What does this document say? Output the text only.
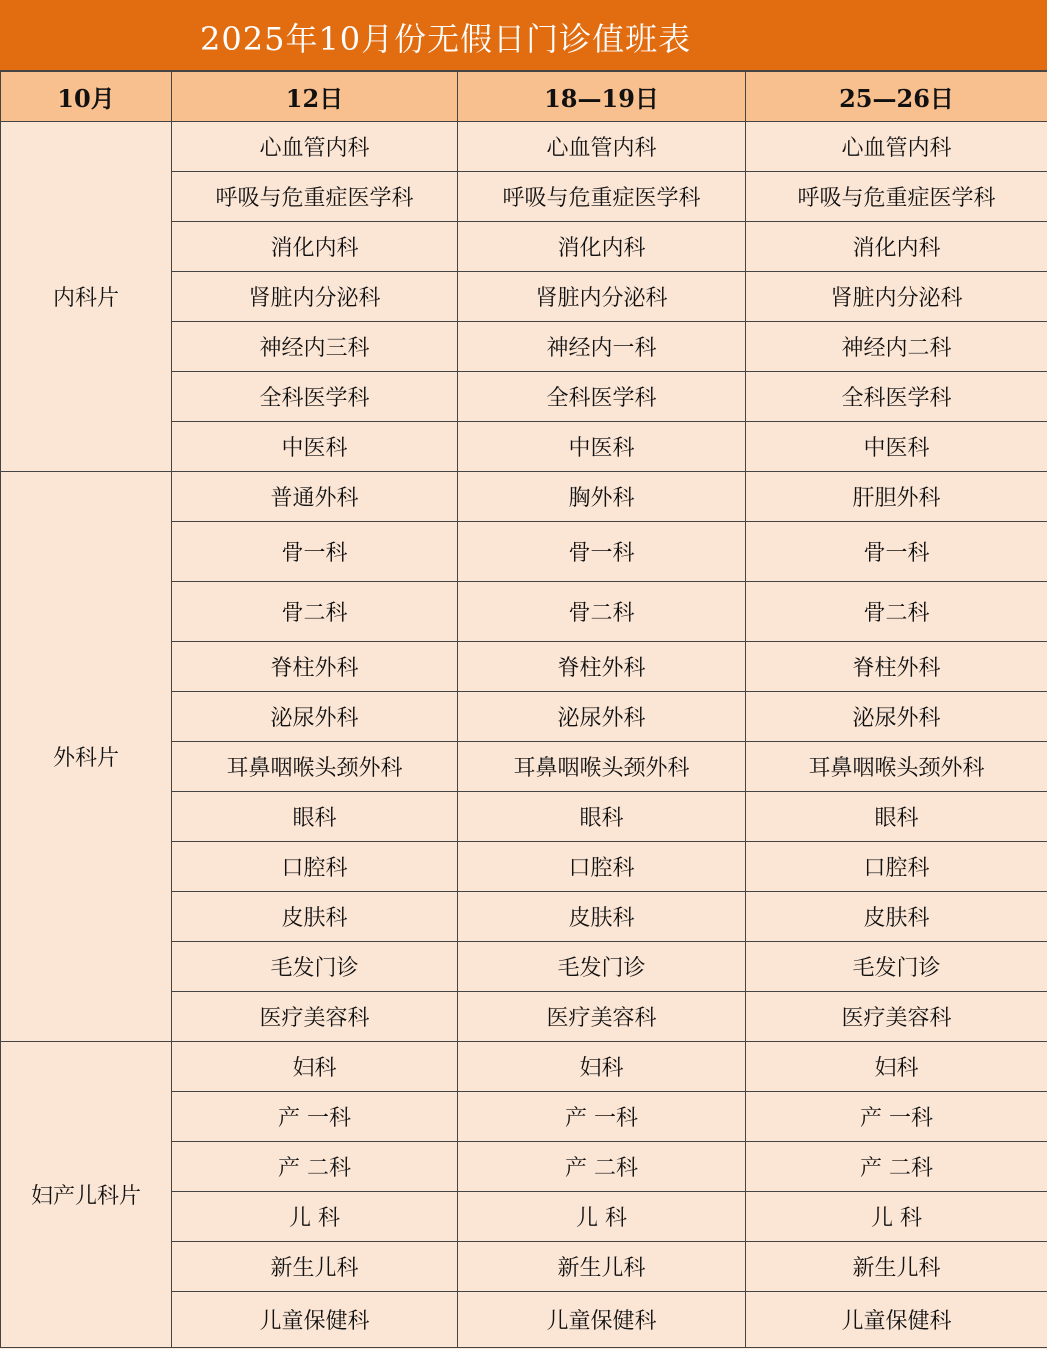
2025年10月份无假日门诊值班表
10月	12日	18—19日	25—26日
内科片	心血管内科	心血管内科	心血管内科
	呼吸与危重症医学科	呼吸与危重症医学科	呼吸与危重症医学科
	消化内科	消化内科	消化内科
	肾脏内分泌科	肾脏内分泌科	肾脏内分泌科
	神经内三科	神经内一科	神经内二科
	全科医学科	全科医学科	全科医学科
	中医科	中医科	中医科
外科片	普通外科	胸外科	肝胆外科
	骨一科	骨一科	骨一科
	骨二科	骨二科	骨二科
	脊柱外科	脊柱外科	脊柱外科
	泌尿外科	泌尿外科	泌尿外科
	耳鼻咽喉头颈外科	耳鼻咽喉头颈外科	耳鼻咽喉头颈外科
	眼科	眼科	眼科
	口腔科	口腔科	口腔科
	皮肤科	皮肤科	皮肤科
	毛发门诊	毛发门诊	毛发门诊
	医疗美容科	医疗美容科	医疗美容科
妇产儿科片	妇科	妇科	妇科
	产 一科	产 一科	产 一科
	产 二科	产 二科	产 二科
	儿 科	儿 科	儿 科
	新生儿科	新生儿科	新生儿科
	儿童保健科	儿童保健科	儿童保健科
